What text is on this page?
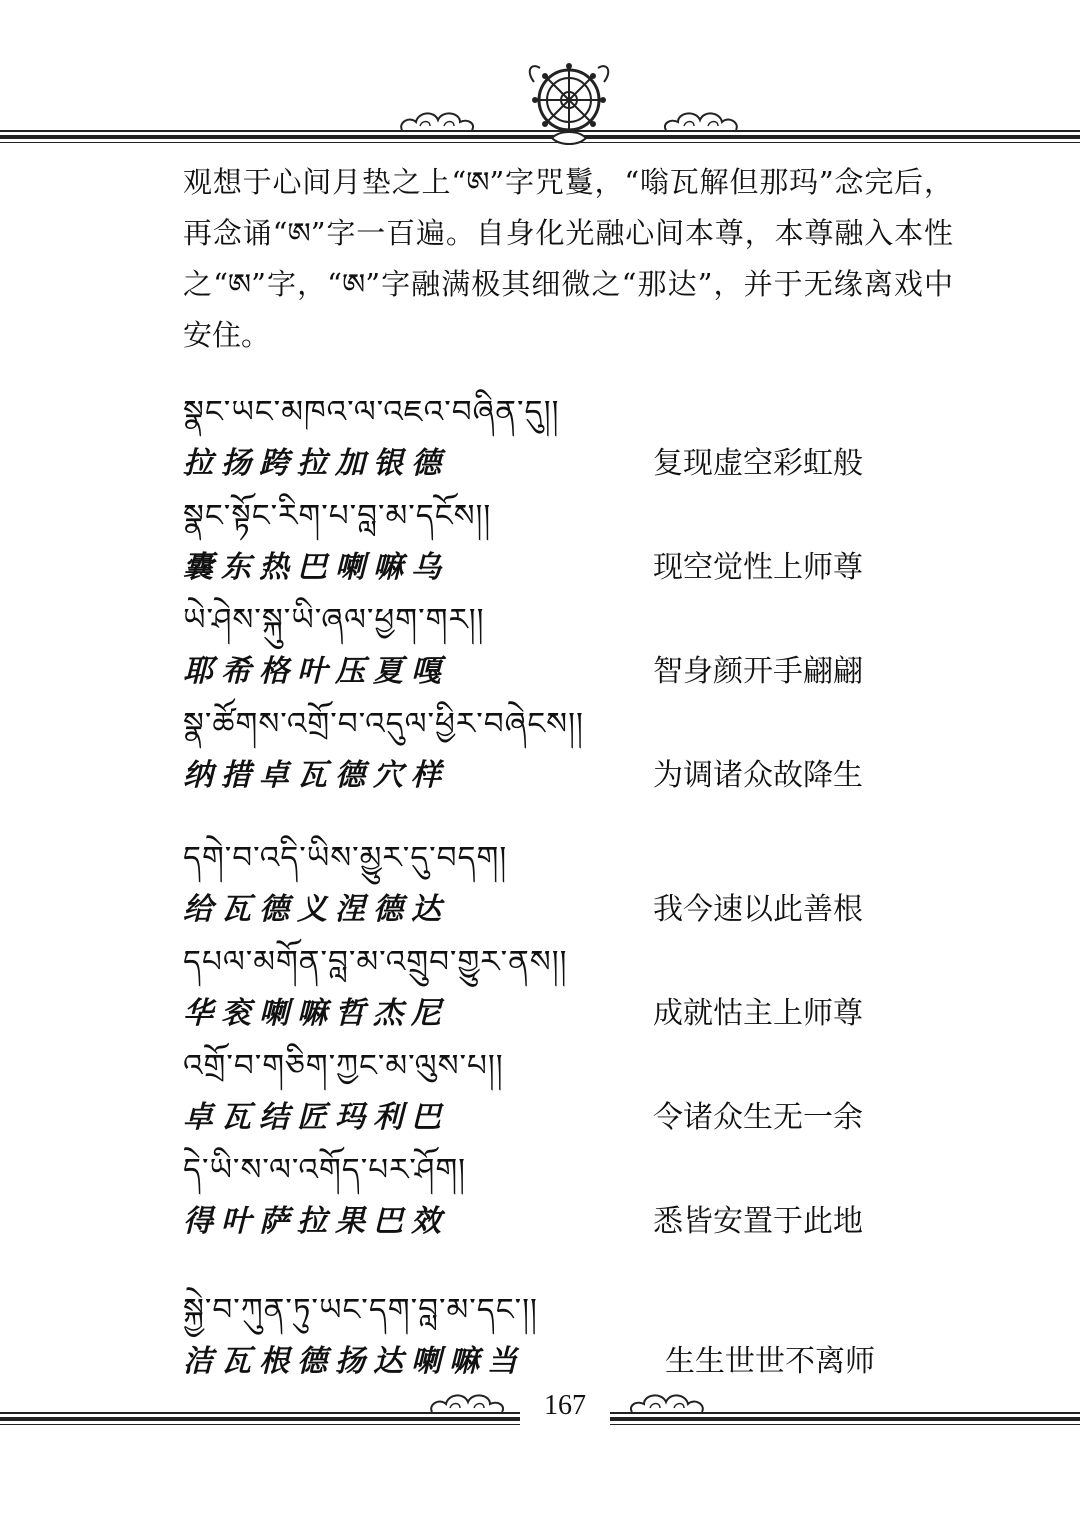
观想于心间月垫之上“ཨ”字咒鬘，“嗡瓦解但那玛”念完后，再念诵“ཨ”字一百遍。自身化光融心间本尊，本尊融入本性之“ཨ”字，“ཨ”字融满极其细微之“那达”，并于无缘离戏中安住。
སྣང་ཡང་མཁའ་ལ་འཇའ་བཞིན་དུ།།
拉扬跨拉加银德	复现虚空彩虹般
སྣང་སྟོང་རིག་པ་བླ་མ་དངོས།།
囊东热巴喇嘛乌	现空觉性上师尊
ཡེ་ཤེས་སྐུ་ཡི་ཞལ་ཕྱག་གར།།
耶希格叶压夏嘎	智身颜开手翩翩
སྣ་ཚོགས་འགྲོ་བ་འདུལ་ཕྱིར་བཞེངས།།
纳措卓瓦德穴样	为调诸众故降生
དགེ་བ་འདི་ཡིས་མྱུར་དུ་བདག།
给瓦德义涅德达	我今速以此善根
དཔལ་མགོན་བླ་མ་འགྲུབ་གྱུར་ནས།།
华衮喇嘛哲杰尼	成就怙主上师尊
འགྲོ་བ་གཅིག་ཀྱང་མ་ལུས་པ།།
卓瓦结匠玛利巴	令诸众生无一余
དེ་ཡི་ས་ལ་འགོད་པར་ཤོག།
得叶萨拉果巴效	悉皆安置于此地
སྐྱེ་བ་ཀུན་ཏུ་ཡང་དག་བླ་མ་དང་།།
洁瓦根德扬达喇嘛当	生生世世不离师
167
